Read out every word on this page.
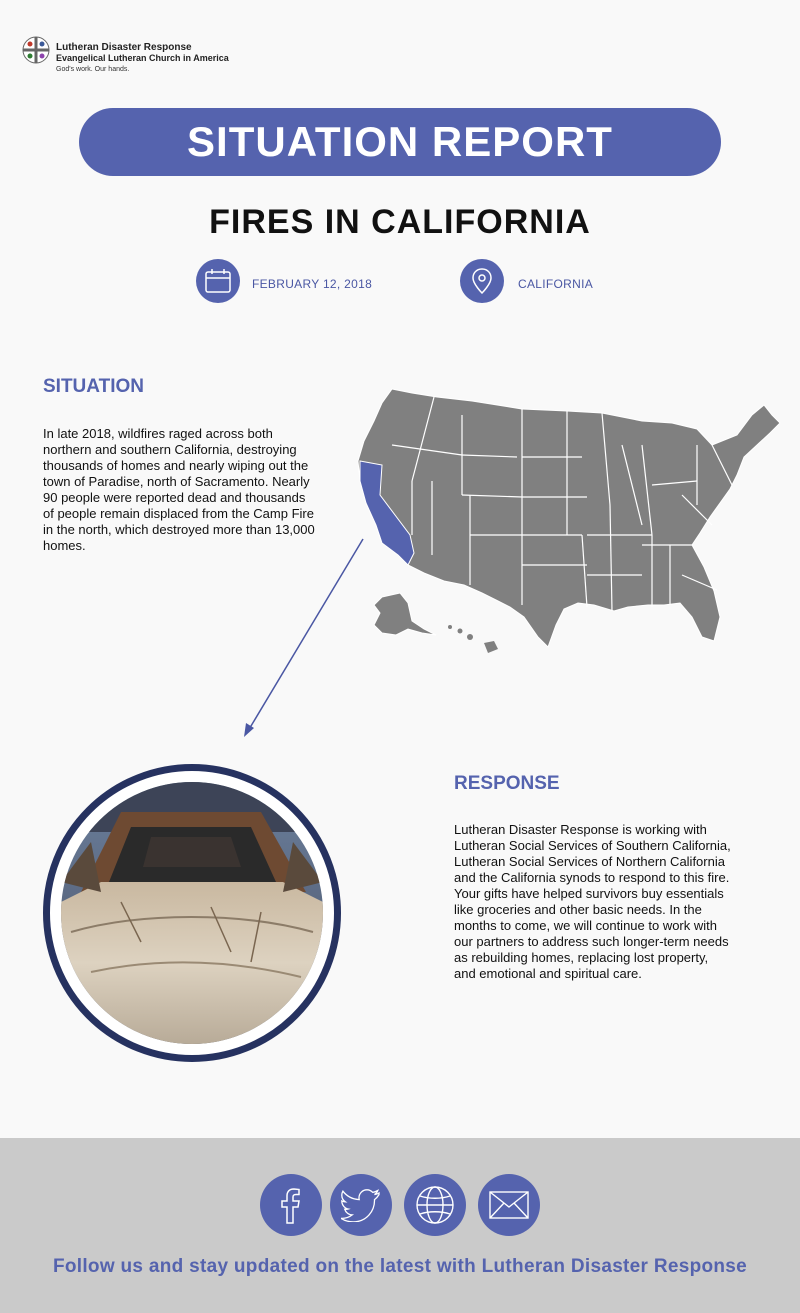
Lutheran Disaster Response
Evangelical Lutheran Church in America
God's work. Our hands.
SITUATION REPORT
FIRES IN CALIFORNIA
FEBRUARY 12, 2018	CALIFORNIA
SITUATION
In late 2018, wildfires raged across both
northern and southern California, destroying
thousands of homes and nearly wiping out the
town of Paradise, north of Sacramento. Nearly
90 people were reported dead and thousands
of people remain displaced from the Camp Fire
in the north, which destroyed more than 13,000
homes.
RESPONSE
Lutheran Disaster Response is working with
Lutheran Social Services of Southern California,
Lutheran Social Services of Northern California
and the California synods to respond to this fire.
Your gifts have helped survivors buy essentials
like groceries and other basic needs. In the
months to come, we will continue to work with
our partners to address such longer-term needs
as rebuilding homes, replacing lost property,
and emotional and spiritual care.
Follow us and stay updated on the latest with Lutheran Disaster Response
